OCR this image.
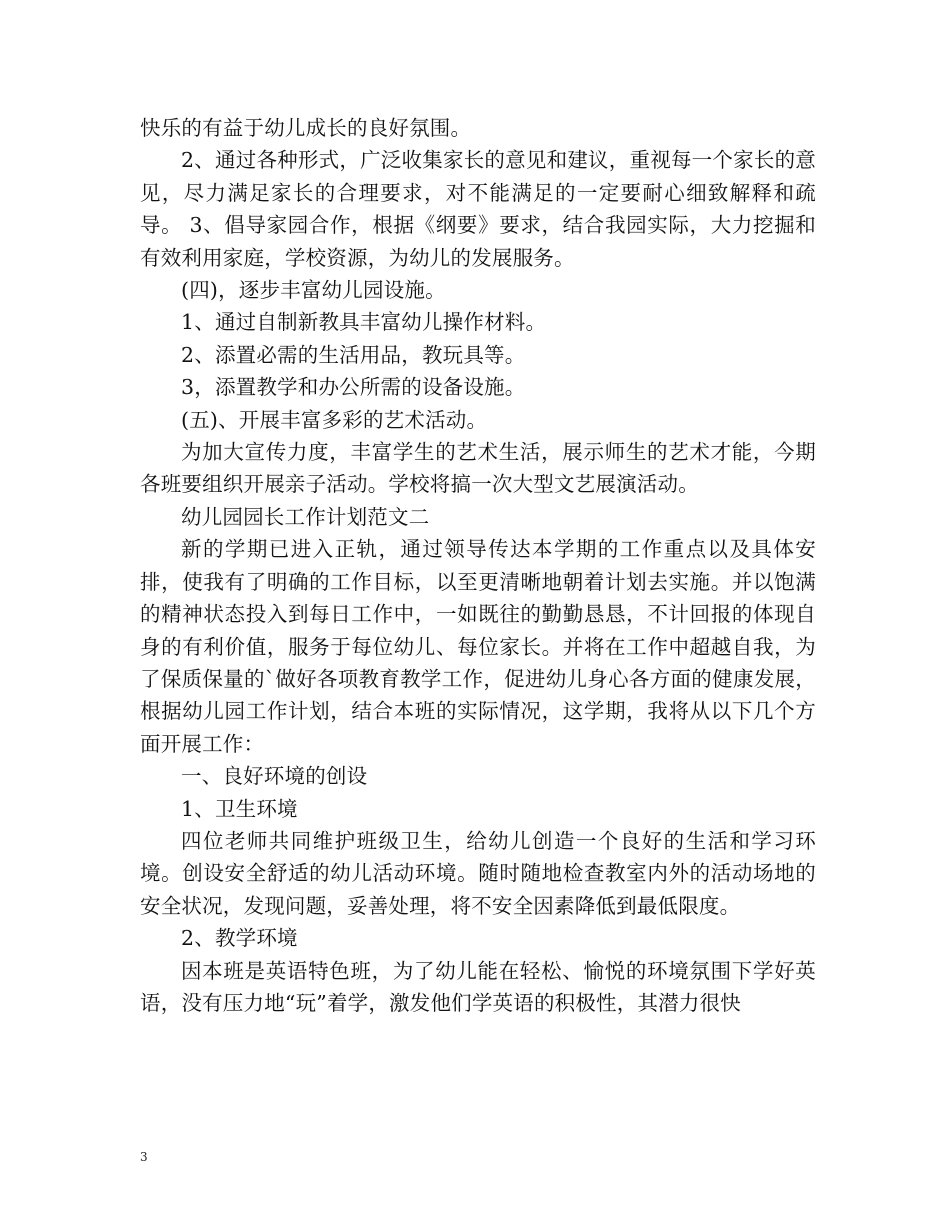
快乐的有益于幼儿成长的良好氛围。

2、通过各种形式，广泛收集家长的意见和建议，重视每一个家长的意见，尽力满足家长的合理要求，对不能满足的一定要耐心细致解释和疏导。 3、倡导家园合作，根据《纲要》要求，结合我园实际，大力挖掘和有效利用家庭，学校资源，为幼儿的发展服务。

(四)，逐步丰富幼儿园设施。

1、通过自制新教具丰富幼儿操作材料。

2、添置必需的生活用品，教玩具等。

3，添置教学和办公所需的设备设施。

(五)、开展丰富多彩的艺术活动。

为加大宣传力度，丰富学生的艺术生活，展示师生的艺术才能，今期各班要组织开展亲子活动。学校将搞一次大型文艺展演活动。

幼儿园园长工作计划范文二

新的学期已进入正轨，通过领导传达本学期的工作重点以及具体安排，使我有了明确的工作目标，以至更清晰地朝着计划去实施。并以饱满的精神状态投入到每日工作中，一如既往的勤勤恳恳，不计回报的体现自身的有利价值，服务于每位幼儿、每位家长。并将在工作中超越自我，为了保质保量的`做好各项教育教学工作，促进幼儿身心各方面的健康发展，根据幼儿园工作计划，结合本班的实际情况，这学期，我将从以下几个方面开展工作：

一、良好环境的创设

1、卫生环境

四位老师共同维护班级卫生，给幼儿创造一个良好的生活和学习环境。创设安全舒适的幼儿活动环境。随时随地检查教室内外的活动场地的安全状况，发现问题，妥善处理，将不安全因素降低到最低限度。

2、教学环境

因本班是英语特色班，为了幼儿能在轻松、愉悦的环境氛围下学好英语，没有压力地“玩”着学，激发他们学英语的积极性，其潜力很快

3
